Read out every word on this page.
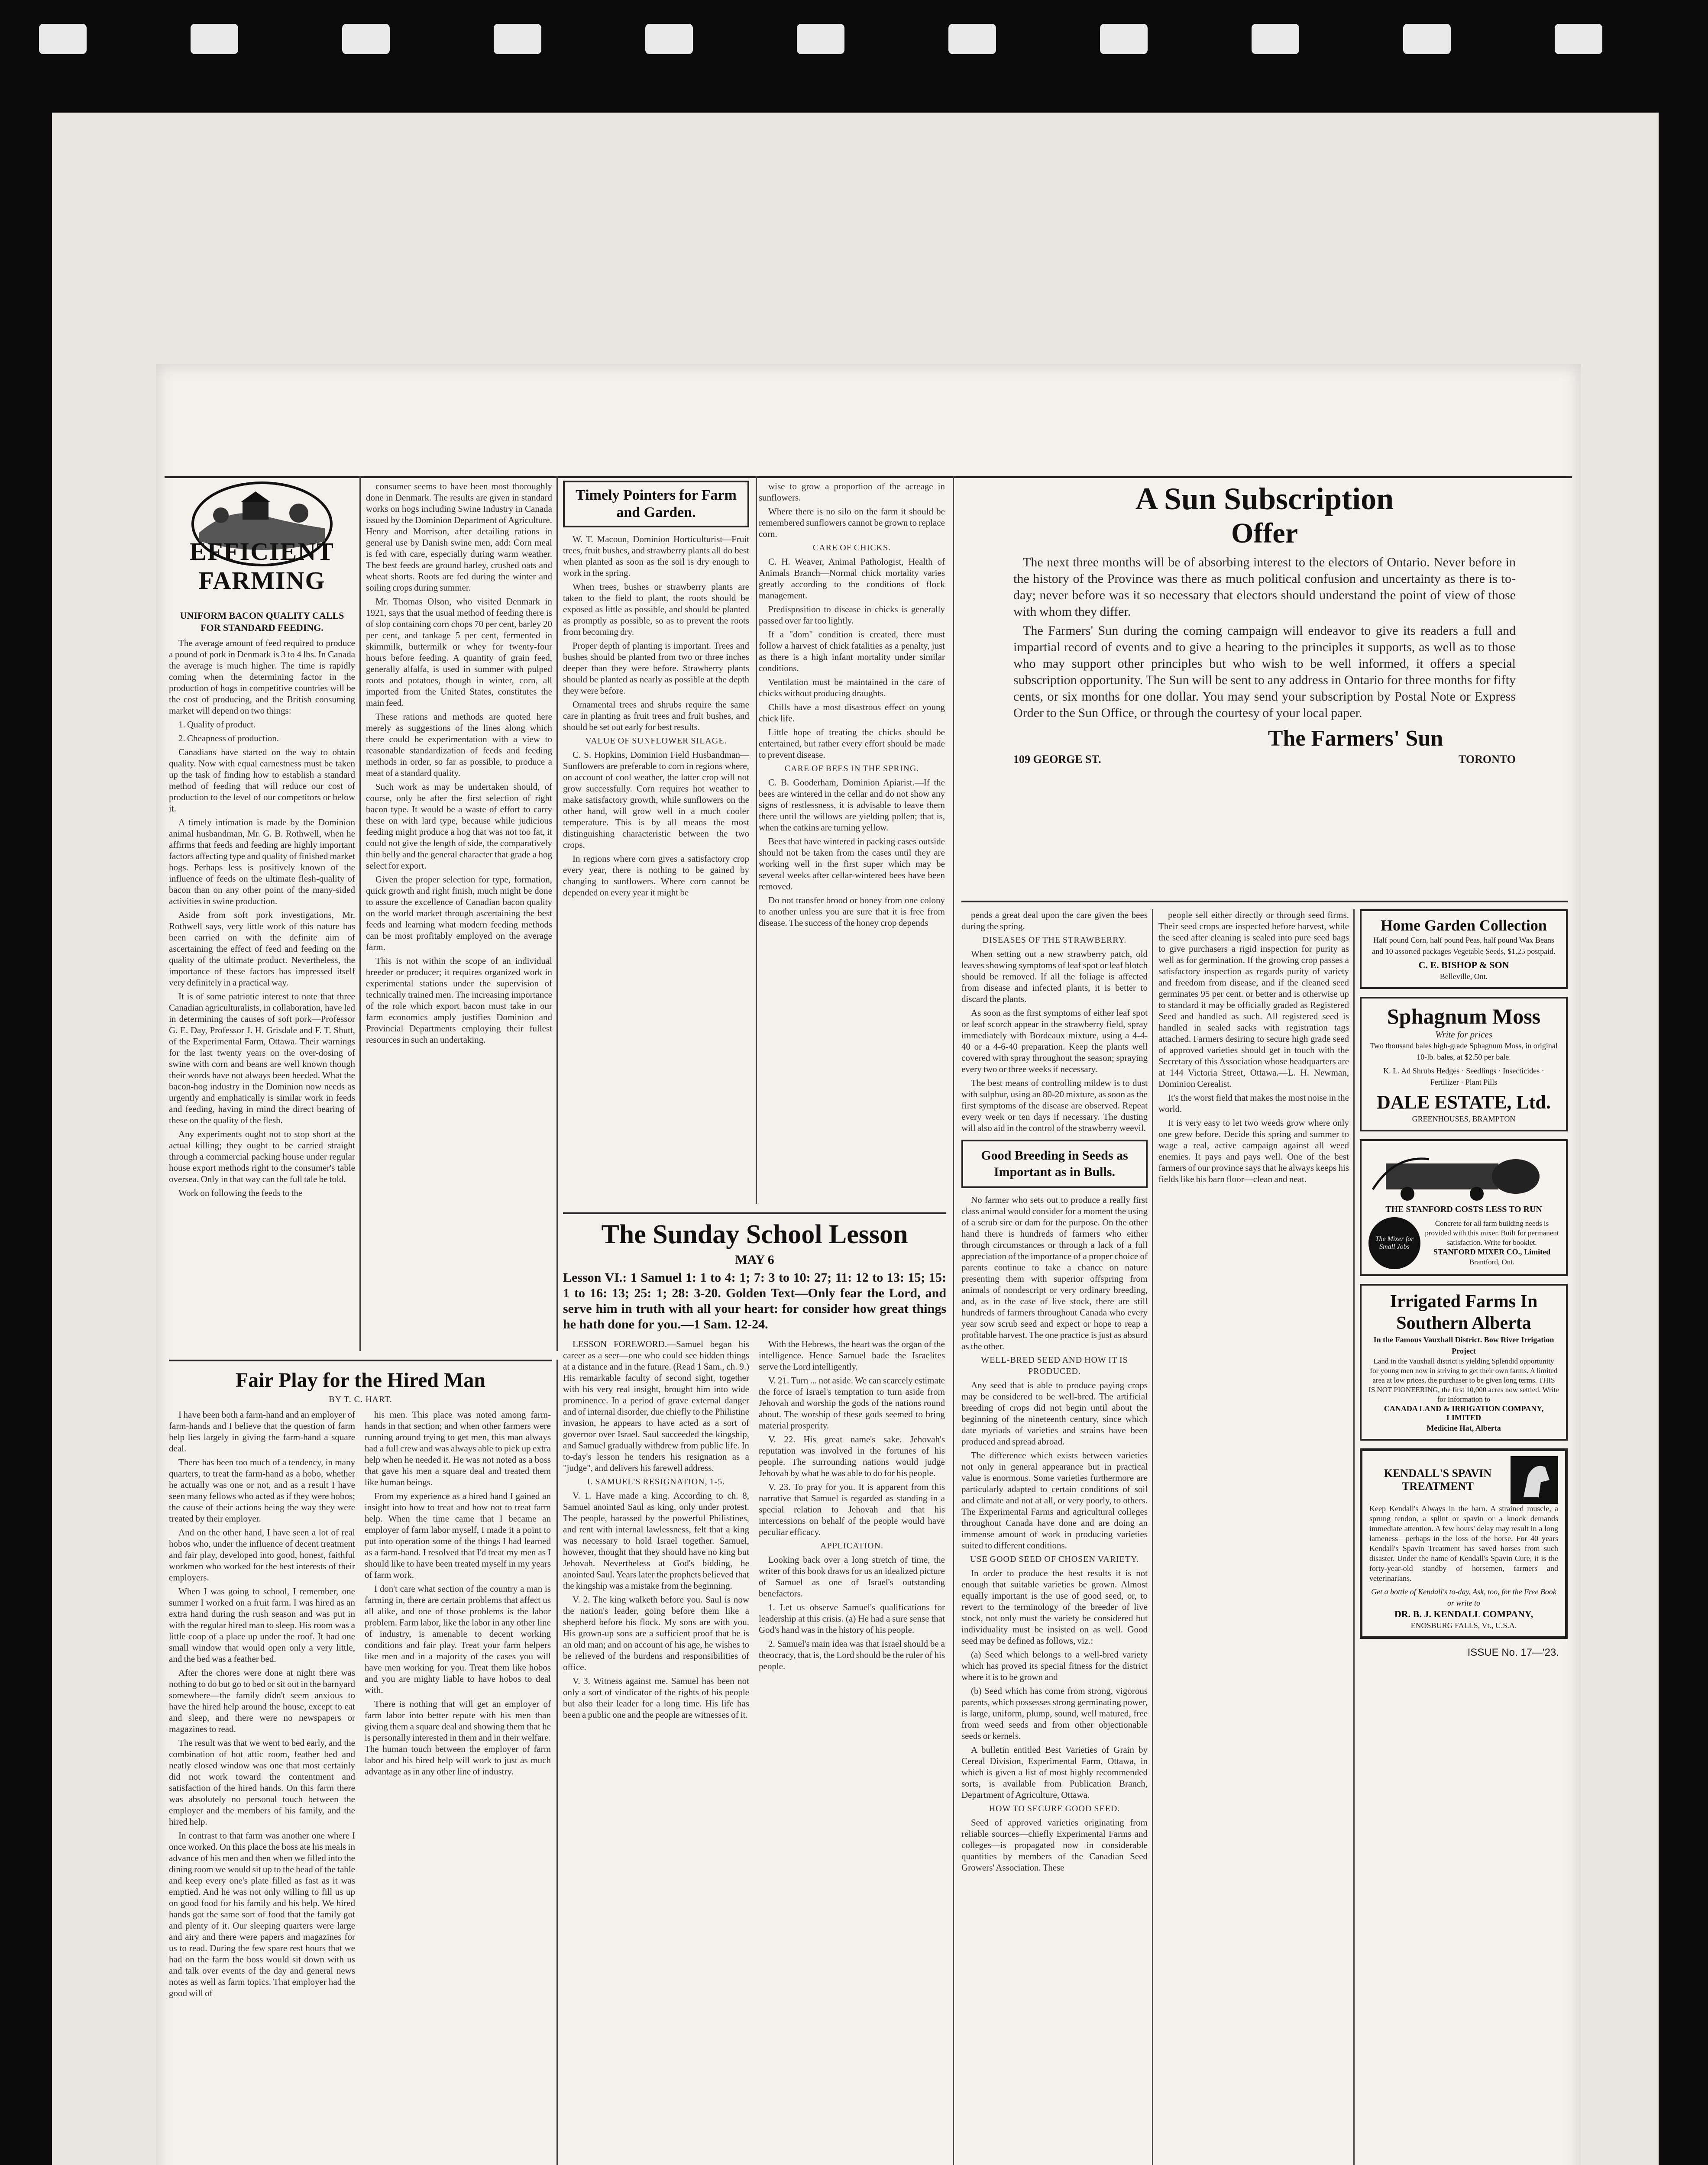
EFFICIENT FARMING
UNIFORM BACON QUALITY CALLS FOR STANDARD FEEDING.

The average amount of feed required to produce a pound of pork in Denmark is 3 to 4 lbs. In Canada the average is much higher. The time is rapidly coming when the determining factor in the production of hogs in competitive countries will be the cost of producing, and the British consuming market will depend on two things:

1. Quality of product.

2. Cheapness of production.

Canadians have started on the way to obtain quality. Now with equal earnestness must be taken up the task of finding how to establish a standard method of feeding that will reduce our cost of production to the level of our competitors or below it.

A timely intimation is made by the Dominion animal husbandman, Mr. G. B. Rothwell, when he affirms that feeds and feeding are highly important factors affecting type and quality of finished market hogs. Perhaps less is positively known of the influence of feeds on the ultimate flesh-quality of bacon than on any other point of the many-sided activities in swine production.

Aside from soft pork investigations, Mr. Rothwell says, very little work of this nature has been carried on with the definite aim of ascertaining the effect of feed and feeding on the quality of the ultimate product. Nevertheless, the importance of these factors has impressed itself very definitely in a practical way.

It is of some patriotic interest to note that three Canadian agriculturalists, in collaboration, have led in determining the causes of soft pork—Professor G. E. Day, Professor J. H. Grisdale and F. T. Shutt, of the Experimental Farm, Ottawa. Their warnings for the last twenty years on the over-dosing of swine with corn and beans are well known though their words have not always been heeded. What the bacon-hog industry in the Dominion now needs as urgently and emphatically is similar work in feeds and feeding, having in mind the direct bearing of these on the quality of the flesh.

Any experiments ought not to stop short at the actual killing; they ought to be carried straight through a commercial packing house under regular house export methods right to the consumer's table oversea. Only in that way can the full tale be told.

Work on following the feeds to the

consumer seems to have been most thoroughly done in Denmark. The results are given in standard works on hogs including Swine Industry in Canada issued by the Dominion Department of Agriculture. Henry and Morrison, after detailing rations in general use by Danish swine men, add: Corn meal is fed with care, especially during warm weather. The best feeds are ground barley, crushed oats and wheat shorts. Roots are fed during the winter and soiling crops during summer.

Mr. Thomas Olson, who visited Denmark in 1921, says that the usual method of feeding there is of slop containing corn chops 70 per cent, barley 20 per cent, and tankage 5 per cent, fermented in skimmilk, buttermilk or whey for twenty-four hours before feeding. A quantity of grain feed, generally alfalfa, is used in summer with pulped roots and potatoes, though in winter, corn, all imported from the United States, constitutes the main feed.

These rations and methods are quoted here merely as suggestions of the lines along which there could be experimentation with a view to reasonable standardization of feeds and feeding methods in order, so far as possible, to produce a meat of a standard quality.

Such work as may be undertaken should, of course, only be after the first selection of right bacon type. It would be a waste of effort to carry these on with lard type, because while judicious feeding might produce a hog that was not too fat, it could not give the length of side, the comparatively thin belly and the general character that grade a hog select for export.

Given the proper selection for type, formation, quick growth and right finish, much might be done to assure the excellence of Canadian bacon quality on the world market through ascertaining the best feeds and learning what modern feeding methods can be most profitably employed on the average farm.

This is not within the scope of an individual breeder or producer; it requires organized work in experimental stations under the supervision of technically trained men. The increasing importance of the role which export bacon must take in our farm economics amply justifies Dominion and Provincial Departments employing their fullest resources in such an undertaking.

Fair Play for the Hired Man
BY T. C. HART.

I have been both a farm-hand and an employer of farm-hands and I believe that the question of farm help lies largely in giving the farm-hand a square deal.

There has been too much of a tendency, in many quarters, to treat the farm-hand as a hobo, whether he actually was one or not, and as a result I have seen many fellows who acted as if they were hobos; the cause of their actions being the way they were treated by their employer.

And on the other hand, I have seen a lot of real hobos who, under the influence of decent treatment and fair play, developed into good, honest, faithful workmen who worked for the best interests of their employers.

When I was going to school, I remember, one summer I worked on a fruit farm. I was hired as an extra hand during the rush season and was put in with the regular hired man to sleep. His room was a little coop of a place up under the roof. It had one small window that would open only a very little, and the bed was a feather bed.

After the chores were done at night there was nothing to do but go to bed or sit out in the barnyard somewhere—the family didn't seem anxious to have the hired help around the house, except to eat and sleep, and there were no newspapers or magazines to read.

The result was that we went to bed early, and the combination of hot attic room, feather bed and neatly closed window was one that most certainly did not work toward the contentment and satisfaction of the hired hands. On this farm there was absolutely no personal touch between the employer and the members of his family, and the hired help.

In contrast to that farm was another one where I once worked. On this place the boss ate his meals in advance of his men and then when we filled into the dining room we would sit up to the head of the table and keep every one's plate filled as fast as it was emptied. And he was not only willing to fill us up on good food for his family and his help. We hired hands got the same sort of food that the family got and plenty of it. Our sleeping quarters were large and airy and there were papers and magazines for us to read. During the few spare rest hours that we had on the farm the boss would sit down with us and talk over events of the day and general news notes as well as farm topics. That employer had the good will of

his men. This place was noted among farm-hands in that section; and when other farmers were running around trying to get men, this man always had a full crew and was always able to pick up extra help when he needed it. He was not noted as a boss that gave his men a square deal and treated them like human beings.

From my experience as a hired hand I gained an insight into how to treat and how not to treat farm help. When the time came that I became an employer of farm labor myself, I made it a point to put into operation some of the things I had learned as a farm-hand. I resolved that I'd treat my men as I should like to have been treated myself in my years of farm work.

I don't care what section of the country a man is farming in, there are certain problems that affect us all alike, and one of those problems is the labor problem. Farm labor, like the labor in any other line of industry, is amenable to decent working conditions and fair play. Treat your farm helpers like men and in a majority of the cases you will have men working for you. Treat them like hobos and you are mighty liable to have hobos to deal with.

There is nothing that will get an employer of farm labor into better repute with his men than giving them a square deal and showing them that he is personally interested in them and in their welfare. The human touch between the employer of farm labor and his hired help will work to just as much advantage as in any other line of industry.

Timely Pointers for Farm and Garden.

W. T. Macoun, Dominion Horticulturist—Fruit trees, fruit bushes, and strawberry plants all do best when planted as soon as the soil is dry enough to work in the spring.

When trees, bushes or strawberry plants are taken to the field to plant, the roots should be exposed as little as possible, and should be planted as promptly as possible, so as to prevent the roots from becoming dry.

Proper depth of planting is important. Trees and bushes should be planted from two or three inches deeper than they were before. Strawberry plants should be planted as nearly as possible at the depth they were before.

Ornamental trees and shrubs require the same care in planting as fruit trees and fruit bushes, and should be set out early for best results.

VALUE OF SUNFLOWER SILAGE.

C. S. Hopkins, Dominion Field Husbandman—Sunflowers are preferable to corn in regions where, on account of cool weather, the latter crop will not grow successfully. Corn requires hot weather to make satisfactory growth, while sunflowers on the other hand, will grow well in a much cooler temperature. This is by all means the most distinguishing characteristic between the two crops.

In regions where corn gives a satisfactory crop every year, there is nothing to be gained by changing to sunflowers. Where corn cannot be depended on every year it might be

wise to grow a proportion of the acreage in sunflowers.

Where there is no silo on the farm it should be remembered sunflowers cannot be grown to replace corn.

CARE OF CHICKS.

C. H. Weaver, Animal Pathologist, Health of Animals Branch—Normal chick mortality varies greatly according to the conditions of flock management.

Predisposition to disease in chicks is generally passed over far too lightly.

If a "dom" condition is created, there must follow a harvest of chick fatalities as a penalty, just as there is a high infant mortality under similar conditions.

Ventilation must be maintained in the care of chicks without producing draughts.

Chills have a most disastrous effect on young chick life.

Little hope of treating the chicks should be entertained, but rather every effort should be made to prevent disease.

CARE OF BEES IN THE SPRING.

C. B. Gooderham, Dominion Apiarist.—If the bees are wintered in the cellar and do not show any signs of restlessness, it is advisable to leave them there until the willows are yielding pollen; that is, when the catkins are turning yellow.

Bees that have wintered in packing cases outside should not be taken from the cases until they are working well in the first super which may be several weeks after cellar-wintered bees have been removed.

Do not transfer brood or honey from one colony to another unless you are sure that it is free from disease. The success of the honey crop depends

The Sunday School Lesson
MAY 6
Lesson VI.: 1 Samuel 1: 1 to 4: 1; 7: 3 to 10: 27; 11: 12 to 13: 15; 15: 1 to 16: 13; 25: 1; 28: 3-20. Golden Text—Only fear the Lord, and serve him in truth with all your heart: for consider how great things he hath done for you.—1 Sam. 12-24.

LESSON FOREWORD.—Samuel began his career as a seer—one who could see hidden things at a distance and in the future. (Read 1 Sam., ch. 9.) His remarkable faculty of second sight, together with his very real insight, brought him into wide prominence. In a period of grave external danger and of internal disorder, due chiefly to the Philistine invasion, he appears to have acted as a sort of governor over Israel. Saul succeeded the kingship, and Samuel gradually withdrew from public life. In to-day's lesson he tenders his resignation as a "judge", and delivers his farewell address.

I. SAMUEL'S RESIGNATION, 1-5.

V. 1. Have made a king. According to ch. 8, Samuel anointed Saul as king, only under protest. The people, harassed by the powerful Philistines, and rent with internal lawlessness, felt that a king was necessary to hold Israel together. Samuel, however, thought that they should have no king but Jehovah. Nevertheless at God's bidding, he anointed Saul. Years later the prophets believed that the kingship was a mistake from the beginning.

V. 2. The king walketh before you. Saul is now the nation's leader, going before them like a shepherd before his flock. My sons are with you. His grown-up sons are a sufficient proof that he is an old man; and on account of his age, he wishes to be relieved of the burdens and responsibilities of office.

V. 3. Witness against me. Samuel has been not only a sort of vindicator of the rights of his people but also their leader for a long time. His life has been a public one and the people are witnesses of it.

With the Hebrews, the heart was the organ of the intelligence. Hence Samuel bade the Israelites serve the Lord intelligently.

V. 21. Turn ... not aside. We can scarcely estimate the force of Israel's temptation to turn aside from Jehovah and worship the gods of the nations round about. The worship of these gods seemed to bring material prosperity.

V. 22. His great name's sake. Jehovah's reputation was involved in the fortunes of his people. The surrounding nations would judge Jehovah by what he was able to do for his people.

V. 23. To pray for you. It is apparent from this narrative that Samuel is regarded as standing in a special relation to Jehovah and that his intercessions on behalf of the people would have peculiar efficacy.

APPLICATION.

Looking back over a long stretch of time, the writer of this book draws for us an idealized picture of Samuel as one of Israel's outstanding benefactors.

1. Let us observe Samuel's qualifications for leadership at this crisis. (a) He had a sure sense that God's hand was in the history of his people.

2. Samuel's main idea was that Israel should be a theocracy, that is, the Lord should be the ruler of his people.

A Sun Subscription
Offer

The next three months will be of absorbing interest to the electors of Ontario. Never before in the history of the Province was there as much political confusion and uncertainty as there is to-day; never before was it so necessary that electors should understand the point of view of those with whom they differ.

The Farmers' Sun during the coming campaign will endeavor to give its readers a full and impartial record of events and to give a hearing to the principles it supports, as well as to those who may support other principles but who wish to be well informed, it offers a special subscription opportunity. The Sun will be sent to any address in Ontario for three months for fifty cents, or six months for one dollar. You may send your subscription by Postal Note or Express Order to the Sun Office, or through the courtesy of your local paper.

The Farmers' Sun
109 GEORGE ST.	TORONTO

pends a great deal upon the care given the bees during the spring.

DISEASES OF THE STRAWBERRY.

When setting out a new strawberry patch, old leaves showing symptoms of leaf spot or leaf blotch should be removed. If all the foliage is affected from disease and infected plants, it is better to discard the plants.

As soon as the first symptoms of either leaf spot or leaf scorch appear in the strawberry field, spray immediately with Bordeaux mixture, using a 4-4-40 or a 4-6-40 preparation. Keep the plants well covered with spray throughout the season; spraying every two or three weeks if necessary.

The best means of controlling mildew is to dust with sulphur, using an 80-20 mixture, as soon as the first symptoms of the disease are observed. Repeat every week or ten days if necessary. The dusting will also aid in the control of the strawberry weevil.

Good Breeding in Seeds as Important as in Bulls.

No farmer who sets out to produce a really first class animal would consider for a moment the using of a scrub sire or dam for the purpose. On the other hand there is hundreds of farmers who either through circumstances or through a lack of a full appreciation of the importance of a proper choice of parents continue to take a chance on nature presenting them with superior offspring from animals of nondescript or very ordinary breeding, and, as in the case of live stock, there are still hundreds of farmers throughout Canada who every year sow scrub seed and expect or hope to reap a profitable harvest. The one practice is just as absurd as the other.

WELL-BRED SEED AND HOW IT IS PRODUCED.

Any seed that is able to produce paying crops may be considered to be well-bred. The artificial breeding of crops did not begin until about the beginning of the nineteenth century, since which date myriads of varieties and strains have been produced and spread abroad.

The difference which exists between varieties not only in general appearance but in practical value is enormous. Some varieties furthermore are particularly adapted to certain conditions of soil and climate and not at all, or very poorly, to others. The Experimental Farms and agricultural colleges throughout Canada have done and are doing an immense amount of work in producing varieties suited to different conditions.

USE GOOD SEED OF CHOSEN VARIETY.

In order to produce the best results it is not enough that suitable varieties be grown. Almost equally important is the use of good seed, or, to revert to the terminology of the breeder of live stock, not only must the variety be considered but individuality must be insisted on as well. Good seed may be defined as follows, viz.:

(a) Seed which belongs to a well-bred variety which has proved its special fitness for the district where it is to be grown and

(b) Seed which has come from strong, vigorous parents, which possesses strong germinating power, is large, uniform, plump, sound, well matured, free from weed seeds and from other objectionable seeds or kernels.

A bulletin entitled Best Varieties of Grain by Cereal Division, Experimental Farm, Ottawa, in which is given a list of most highly recommended sorts, is available from Publication Branch, Department of Agriculture, Ottawa.

HOW TO SECURE GOOD SEED.

Seed of approved varieties originating from reliable sources—chiefly Experimental Farms and colleges—is propagated now in considerable quantities by members of the Canadian Seed Growers' Association. These

people sell either directly or through seed firms. Their seed crops are inspected before harvest, while the seed after cleaning is sealed into pure seed bags to give purchasers a rigid inspection for purity as well as for germination. If the growing crop passes a satisfactory inspection as regards purity of variety and freedom from disease, and if the cleaned seed germinates 95 per cent. or better and is otherwise up to standard it may be officially graded as Registered Seed and handled as such. All registered seed is handled in sealed sacks with registration tags attached. Farmers desiring to secure high grade seed of approved varieties should get in touch with the Secretary of this Association whose headquarters are at 144 Victoria Street, Ottawa.—L. H. Newman, Dominion Cerealist.

It's the worst field that makes the most noise in the world.

It is very easy to let two weeds grow where only one grew before. Decide this spring and summer to wage a real, active campaign against all weed enemies. It pays and pays well. One of the best farmers of our province says that he always keeps his fields like his barn floor—clean and neat.

Home Garden Collection
Half pound Corn, half pound Peas, half pound Wax Beans and 10 assorted packages Vegetable Seeds, $1.25 postpaid.
C. E. BISHOP & SON
Belleville, Ont.
Sphagnum Moss
Write for prices
Two thousand bales high-grade Sphagnum Moss, in original 10-lb. bales, at $2.50 per bale.
K. L. Ad Shrubs Hedges · Seedlings · Insecticides · Fertilizer · Plant Pills
DALE ESTATE, Ltd.
GREENHOUSES, BRAMPTON
THE STANFORD COSTS LESS TO RUN
The Mixer for Small Jobs
Concrete for all farm building needs is provided with this mixer. Built for permanent satisfaction. Write for booklet.
STANFORD MIXER CO., Limited
Brantford, Ont.
Irrigated Farms In Southern Alberta
In the Famous Vauxhall District. Bow River Irrigation Project
Land in the Vauxhall district is yielding Splendid opportunity for young men now in striving to get their own farms. A limited area at low prices, the purchaser to be given long terms. THIS IS NOT PIONEERING, the first 10,000 acres now settled. Write for Information to
CANADA LAND & IRRIGATION COMPANY, LIMITED
Medicine Hat, Alberta
KENDALL'S SPAVIN TREATMENT
Keep Kendall's Always in the barn. A strained muscle, a sprung tendon, a splint or spavin or a knock demands immediate attention. A few hours' delay may result in a long lameness—perhaps in the loss of the horse. For 40 years Kendall's Spavin Treatment has saved horses from such disaster. Under the name of Kendall's Spavin Cure, it is the forty-year-old standby of horsemen, farmers and veterinarians.
Get a bottle of Kendall's to-day. Ask, too, for the Free Book or write to
DR. B. J. KENDALL COMPANY,
ENOSBURG FALLS, Vt., U.S.A.
ISSUE No. 17—'23.
